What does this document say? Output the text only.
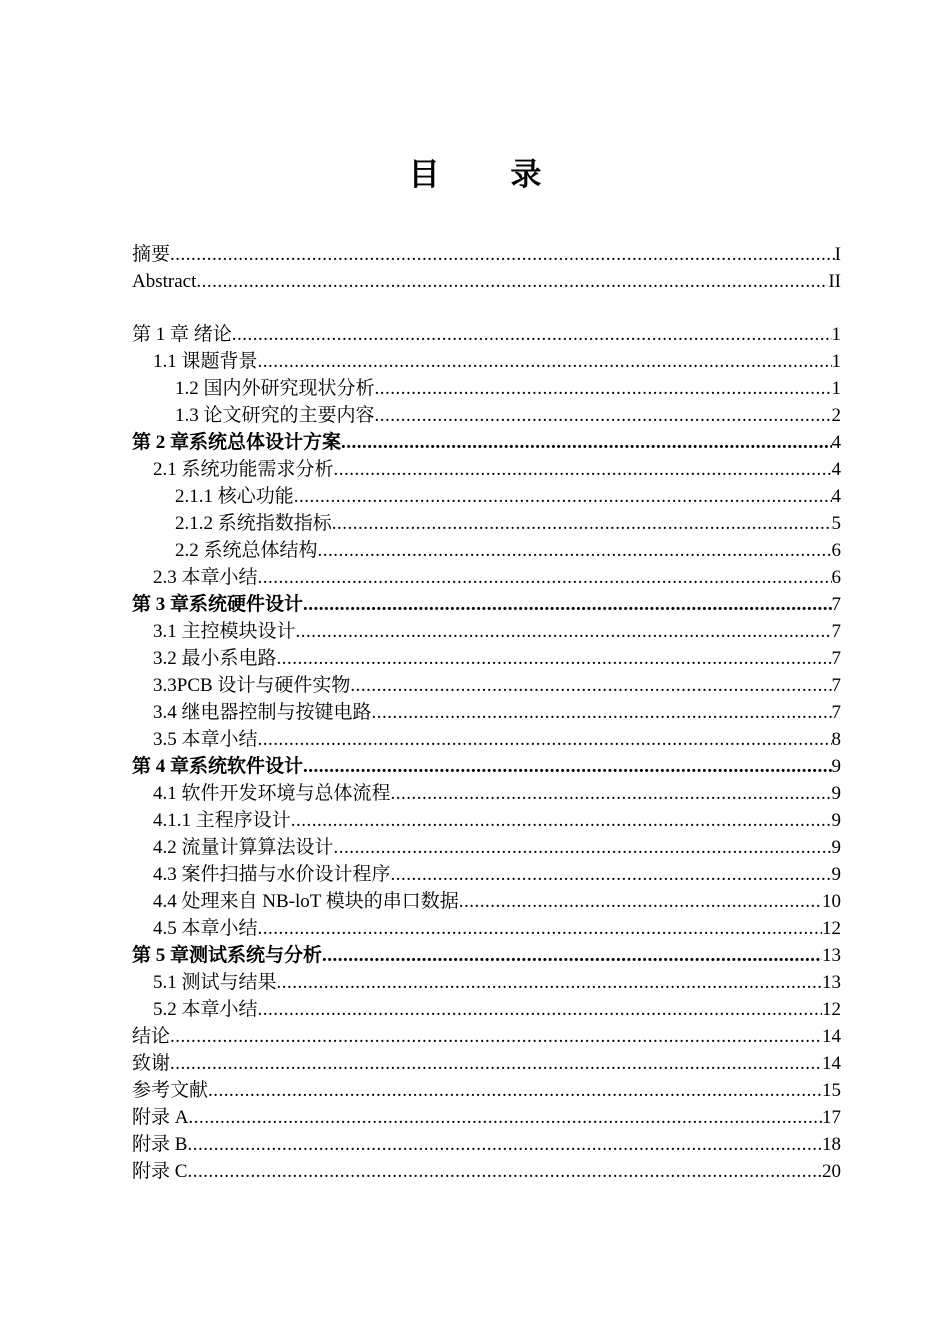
目 录
摘要 .....	I
Abstract .....	II
第 1 章 绪论 .....	1
1.1 课题背景 .....	1
1.2 国内外研究现状分析 .....	1
1.3 论文研究的主要内容 .....	2
第 2 章系统总体设计方案 .....	4
2.1 系统功能需求分析 .....	4
2.1.1 核心功能 .....	4
2.1.2 系统指数指标 .....	5
2.2 系统总体结构 .....	6
2.3 本章小结 .....	6
第 3 章系统硬件设计 .....	7
3.1 主控模块设计 .....	7
3.2 最小系电路 .....	7
3.3PCB 设计与硬件实物 .....	7
3.4 继电器控制与按键电路 .....	7
3.5 本章小结 .....	8
第 4 章系统软件设计 .....	9
4.1 软件开发环境与总体流程 .....	9
4.1.1 主程序设计 .....	9
4.2 流量计算算法设计 .....	9
4.3 案件扫描与水价设计程序 .....	9
4.4 处理来自 NB-loT 模块的串口数据 .....	10
4.5 本章小结 .....	12
第 5 章测试系统与分析 .....	13
5.1 测试与结果 .....	13
5.2 本章小结 .....	12
结论 .....	14
致谢 .....	14
参考文献 .....	15
附录 A .....	17
附录 B .....	18
附录 C .....	20
